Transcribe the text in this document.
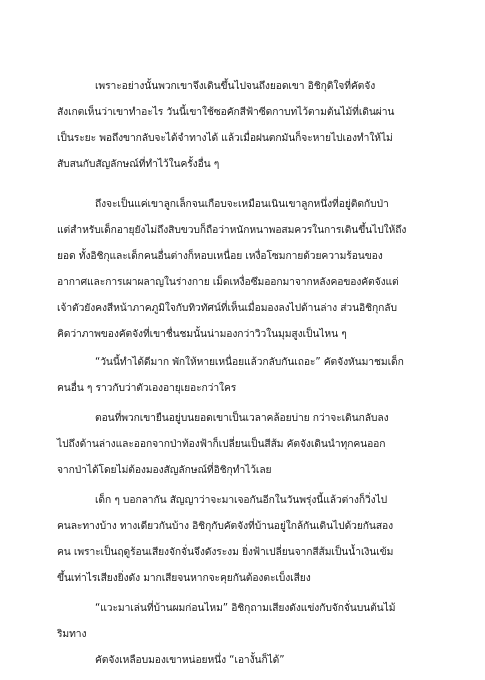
เพราะอย่างนั้นพวกเขาจึงเดินขึ้นไปจนถึงยอดเขา อิชิกุดิใจที่คัตจัง
สังเกตเห็นว่าเขาทำอะไร วันนี้เขาใช้ซอคักสีฟ้าซีดกาบทไว้ตามต้นไม้ที่เดินผ่าน
เป็นระยะ พอถึงขากลับจะได้จำทางได้ แล้วเมื่อฝนตกมันก็จะหายไปเองทำให้ไม่
สับสนกับสัญลักษณ์ที่ทำไว้ในครั้งอื่น ๆ
ถึงจะเป็นแค่เขาลูกเล็กจนเกือบจะเหมือนเนินเขาลูกหนึ่งที่อยู่ติดกับป่า
แต่สำหรับเด็กอายุยังไม่ถึงสิบขวบก็ถือว่าหนักหนาพอสมควรในการเดินขึ้นไปให้ถึง
ยอด ทั้งอิชิกุและเด็กคนอื่นต่างก็หอบเหนื่อย เหงื่อโซมกายด้วยความร้อนของ
อากาศและการเผาผลาญในร่างกาย เม็ดเหงื่อซึมออกมาจากหลังคอของคัตจังแต่
เจ้าตัวยังคงสีหน้าภาคภูมิใจกับทิวทัศน์ที่เห็นเมื่อมองลงไปด้านล่าง ส่วนอิชิกุกลับ
คิดว่าภาพของคัตจังที่เขาชื่นชมนั้นน่ามองกว่าวิวในมุมสูงเป็นไหน ๆ
“วันนี้ทำได้ดีมาก พักให้หายเหนื่อยแล้วกลับกันเถอะ” คัตจังหันมาชมเด็ก
คนอื่น ๆ ราวกับว่าตัวเองอายุเยอะกว่าใคร
ตอนที่พวกเขายืนอยู่บนยอดเขาเป็นเวลาคล้อยบ่าย กว่าจะเดินกลับลง
ไปถึงด้านล่างและออกจากป่าท้องฟ้าก็เปลี่ยนเป็นสีส้ม คัตจังเดินนำทุกคนออก
จากป่าได้โดยไม่ต้องมองสัญลักษณ์ที่อิชิกุทำไว้เลย
เด็ก ๆ บอกลากัน สัญญาว่าจะมาเจอกันอีกในวันพรุ่งนี้แล้วต่างก็วิ่งไป
คนละทางบ้าง ทางเดียวกันบ้าง อิชิกุกับคัตจังที่บ้านอยู่ใกล้กันเดินไปด้วยกันสอง
คน เพราะเป็นฤดูร้อนเสียงจักจั่นจึงดังระงม ยิ่งฟ้าเปลี่ยนจากสีส้มเป็นน้ำเงินเข้ม
ขึ้นเท่าไรเสียงยิ่งดัง มากเสียจนหากจะคุยกันต้องตะเบ็งเสียง
“แวะมาเล่นที่บ้านผมก่อนไหม” อิชิกุถามเสียงดังแข่งกับจักจั่นบนต้นไม้
ริมทาง
คัตจังเหลือบมองเขาหน่อยหนึ่ง “เอางั้นก็ได้”
